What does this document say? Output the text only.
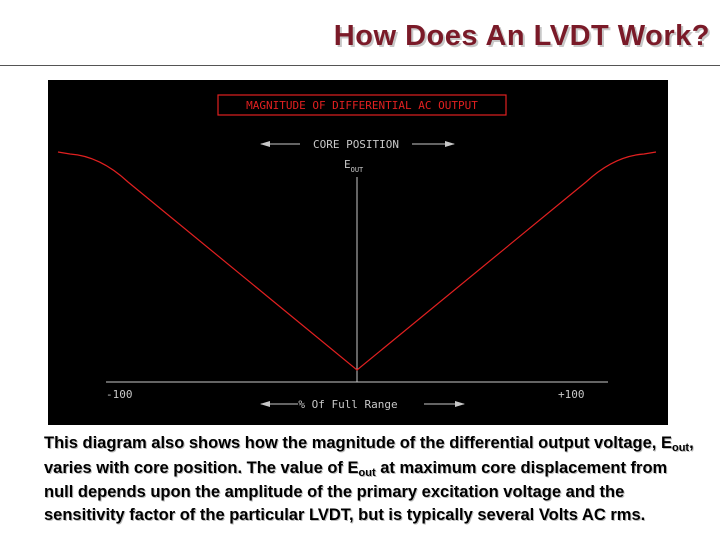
How Does An LVDT Work?
MAGNITUDE OF DIFFERENTIAL AC OUTPUT
CORE POSITION
$E_{OUT}$
-100	+100
% Of Full Range
This diagram also shows how the magnitude of the differential output voltage, $E_{out}$, varies with core position. The value of $E_{out}$ at maximum core displacement from null depends upon the amplitude of the primary excitation voltage and the sensitivity factor of the particular LVDT, but is typically several Volts AC rms.
